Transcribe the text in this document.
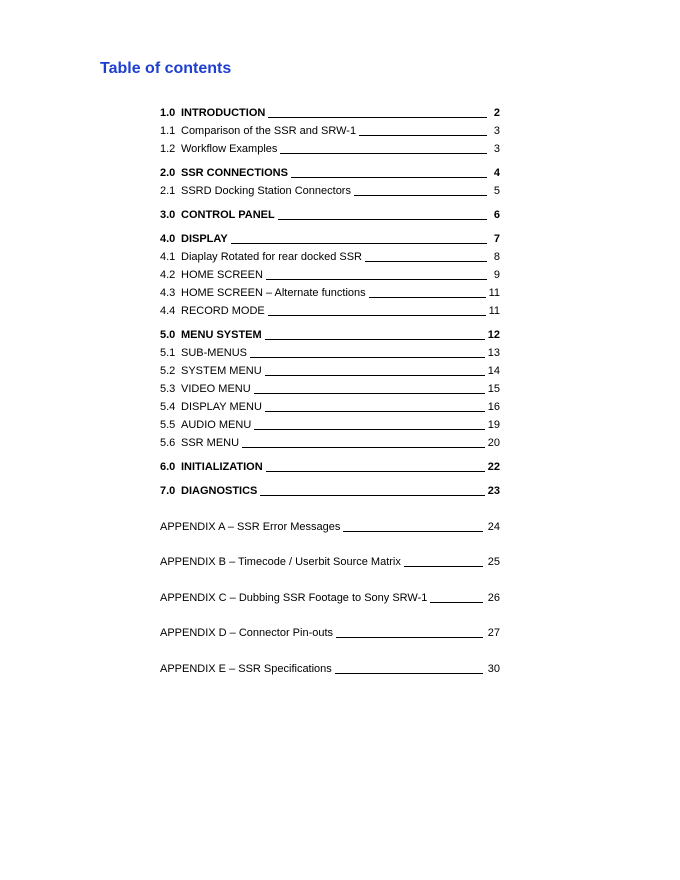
Table of contents
1.0 INTRODUCTION	2
1.1 Comparison of the SSR and SRW-1	3
1.2 Workflow Examples	3
2.0 SSR CONNECTIONS	4
2.1 SSRD Docking Station Connectors	5
3.0 CONTROL PANEL	6
4.0 DISPLAY	7
4.1 Diaplay Rotated for rear docked SSR	8
4.2 HOME SCREEN	9
4.3 HOME SCREEN – Alternate functions	11
4.4 RECORD MODE	11
5.0 MENU SYSTEM	12
5.1 SUB-MENUS	13
5.2 SYSTEM MENU	14
5.3 VIDEO MENU	15
5.4 DISPLAY MENU	16
5.5 AUDIO MENU	19
5.6 SSR MENU	20
6.0 INITIALIZATION	22
7.0 DIAGNOSTICS	23
APPENDIX A – SSR Error Messages	24
APPENDIX B – Timecode / Userbit Source Matrix	25
APPENDIX C – Dubbing SSR Footage to Sony SRW-1	26
APPENDIX D – Connector Pin-outs	27
APPENDIX E – SSR Specifications	30
